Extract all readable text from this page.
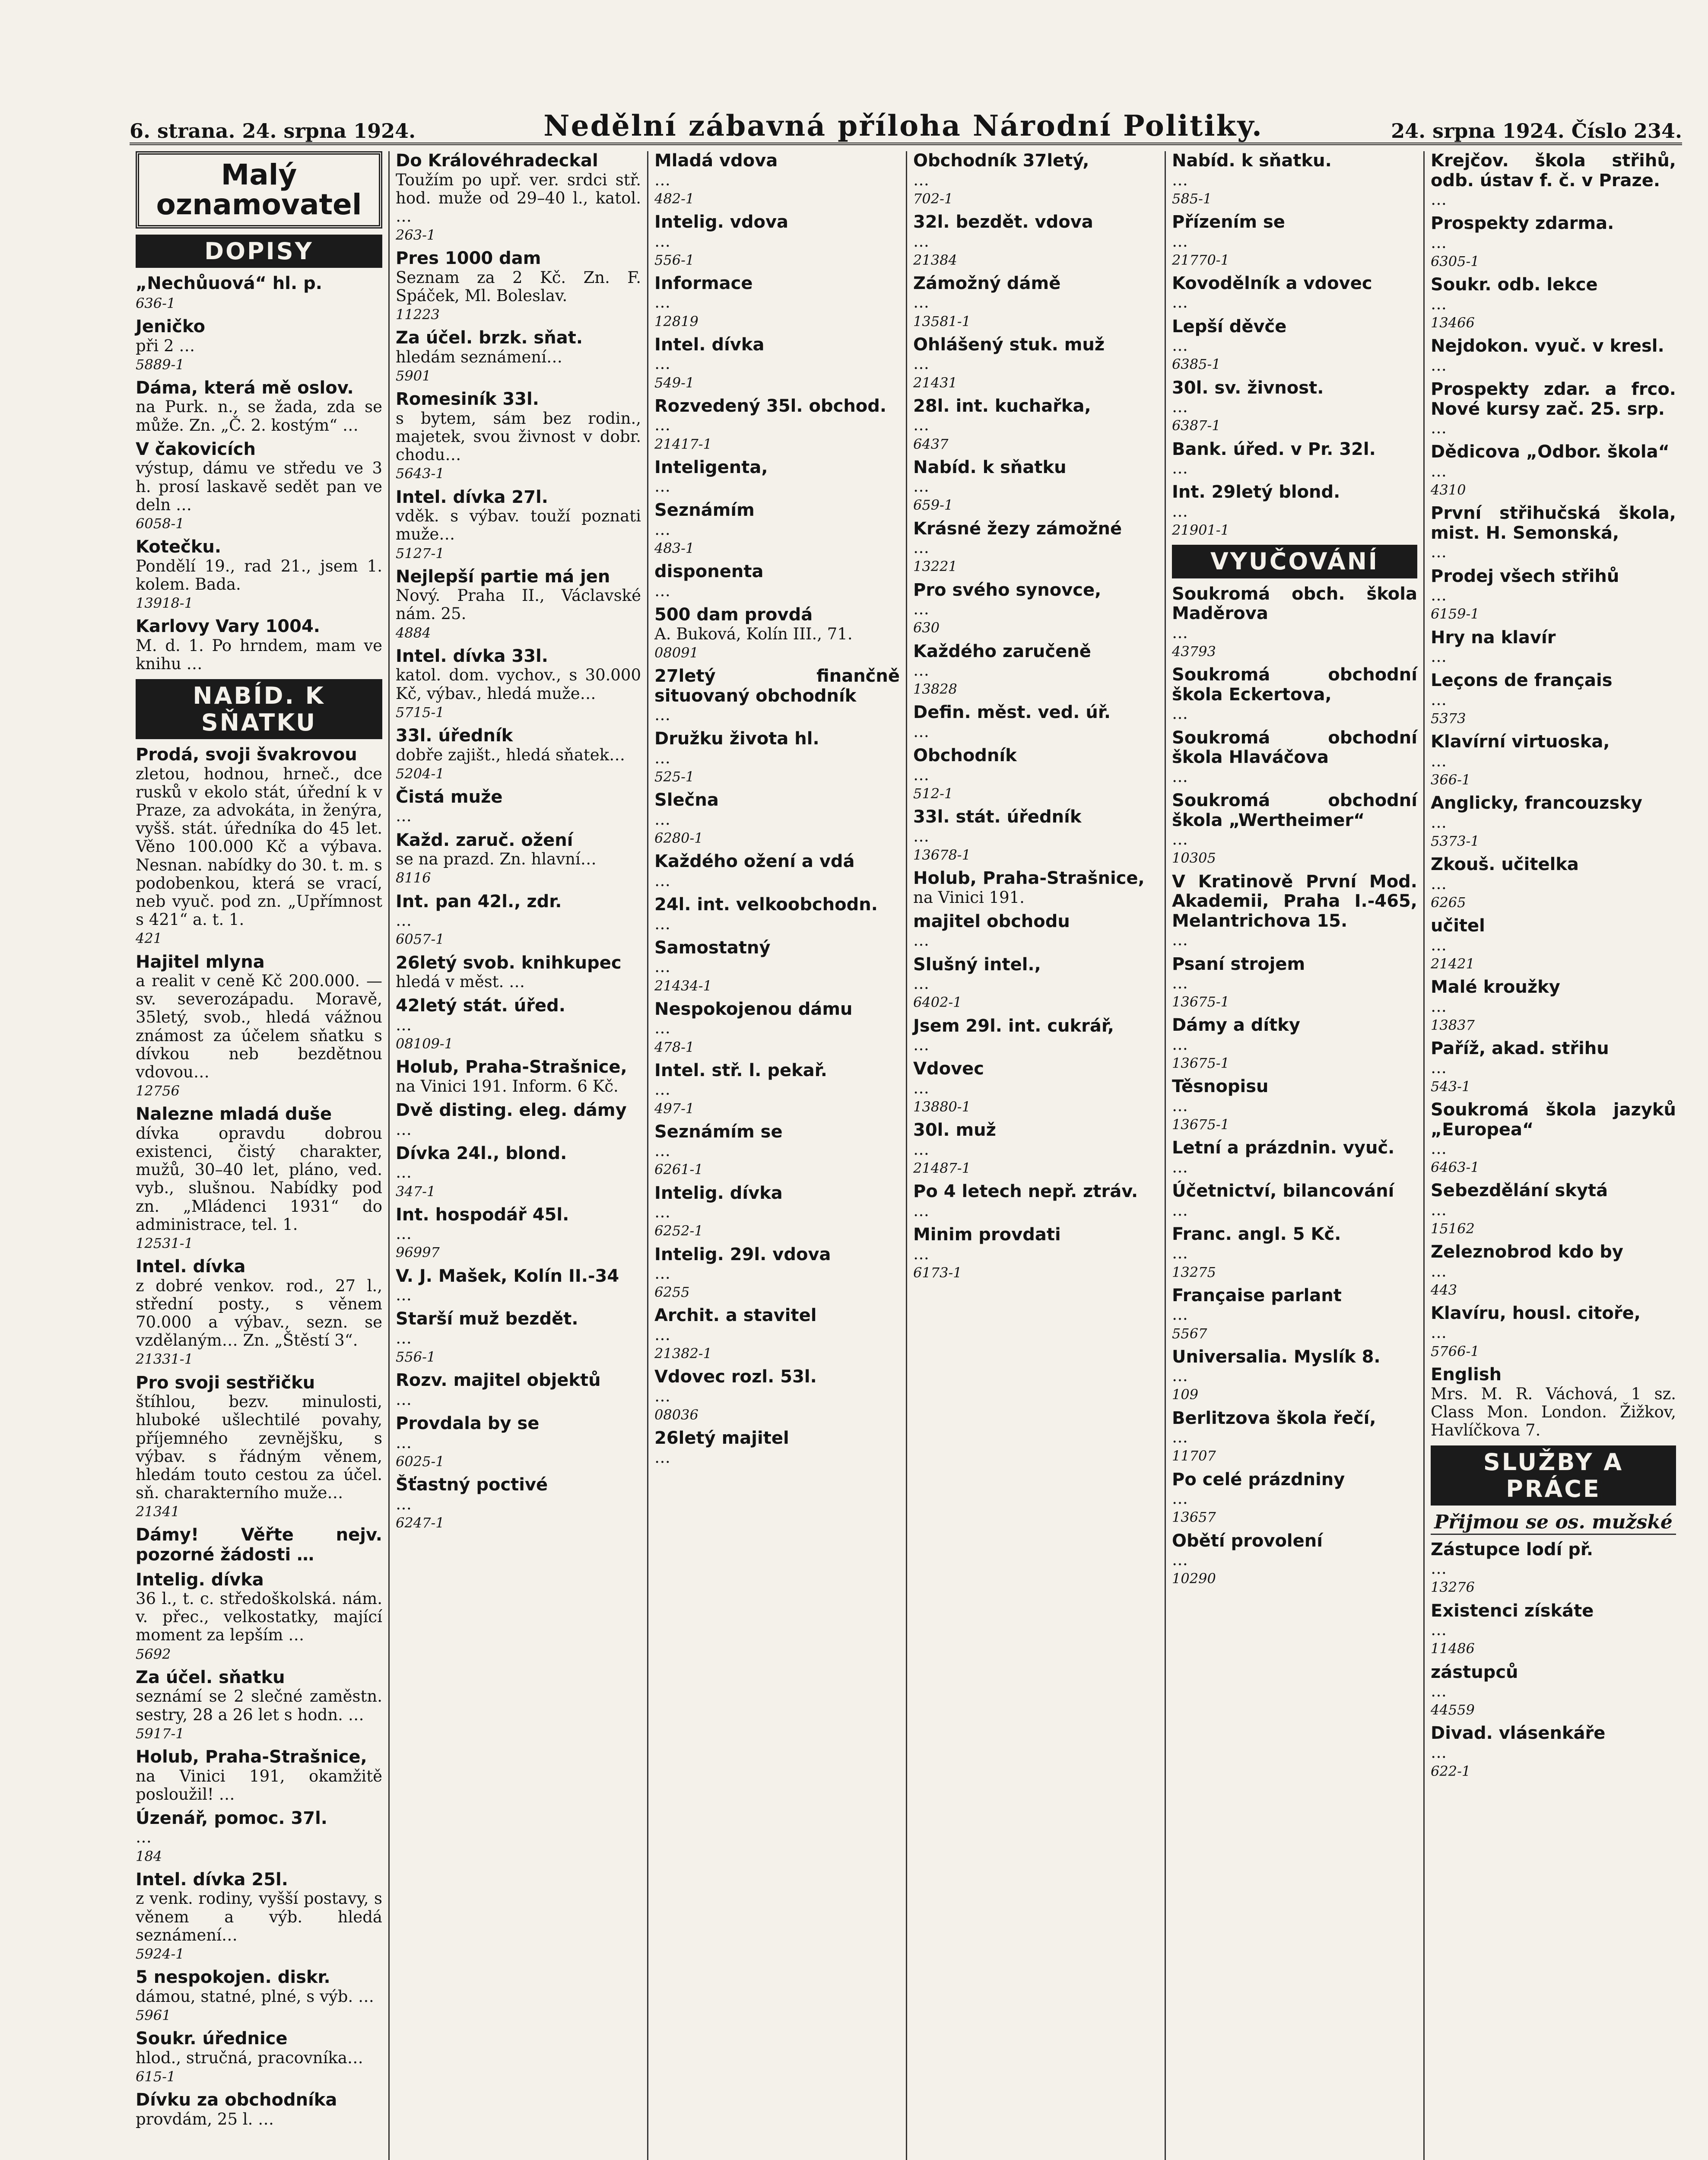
6. strana. 24. srpna 1924.	Nedělní zábavná příloha Národní Politiky.	24. srpna 1924. Číslo 234.
Malý oznamovatel
DOPISY
„Nechůuová“ hl. p.
636-1
Jeničko
při 2 …
5889-1
Dáma, která mě oslov.
na Purk. n., se žada, zda se může. Zn. „Č. 2. kostým“ …
V čakovicích
výstup, dámu ve středu ve 3 h. prosí laskavě sedět pan ve deln …
6058-1
Kotečku.
Pondělí 19., rad 21., jsem 1. kolem. Bada.
13918-1
Karlovy Vary 1004.
M. d. 1. Po hrndem, mam ve knihu …
NABÍD. K SŇATKU
Prodá, svoji švakrovou
zletou, hodnou, hrneč., dce rusků v ekolo stát, úřední k v Praze, za advokáta, in ženýra, vyšš. stát. úředníka do 45 let. Věno 100.000 Kč a výbava. Nesnan. nabídky do 30. t. m. s podobenkou, která se vrací, neb vyuč. pod zn. „Upřímnost s 421“ a. t. 1.
421
Hajitel mlyna
a realit v ceně Kč 200.000. — sv. severozápadu. Moravě, 35letý, svob., hledá vážnou známost za účelem sňatku s dívkou neb bezdětnou vdovou…
12756
Nalezne mladá duše
dívka opravdu dobrou existenci, čistý charakter, mužů, 30–40 let, pláno, ved. vyb., slušnou. Nabídky pod zn. „Mládenci 1931“ do administrace, tel. 1.
12531-1
Intel. dívka
z dobré venkov. rod., 27 l., střední posty., s věnem 70.000 a výbav., sezn. se vzdělaným… Zn. „Štěstí 3“.
21331-1
Pro svoji sestřičku
štíhlou, bezv. minulosti, hluboké ušlechtilé povahy, příjemného zevnějšku, s výbav. s řádným věnem, hledám touto cestou za účel. sň. charakterního muže…
21341
Dámy! Věřte nejv. pozorné žádosti …
Intelig. dívka
36 l., t. c. středoškolská. nám. v. přec., velkostatky, mající moment za lepším …
5692
Za účel. sňatku
seznámí se 2 slečné zaměstn. sestry, 28 a 26 let s hodn. …
5917-1
Holub, Praha-Strašnice,
na Vinici 191, okamžitě posloužil! …
Úzenář, pomoc. 37l.
…
184
Intel. dívka 25l.
z venk. rodiny, vyšší postavy, s věnem a výb. hledá seznámení…
5924-1
5 nespokojen. diskr.
dámou, statné, plné, s výb. …
5961
Soukr. úřednice
hlod., stručná, pracovníka…
615-1
Dívku za obchodníka
provdám, 25 l. …
Do Královéhradeckal
Toužím po upř. ver. srdci stř. hod. muže od 29–40 l., katol. …
263-1
Pres 1000 dam
Seznam za 2 Kč. Zn. F. Spáček, Ml. Boleslav.
11223
Za účel. brzk. sňat.
hledám seznámení…
5901
Romesiník 33l.
s bytem, sám bez rodin., majetek, svou živnost v dobr. chodu…
5643-1
Intel. dívka 27l.
vděk. s výbav. touží poznati muže…
5127-1
Nejlepší partie má jen
Nový. Praha II., Václavské nám. 25.
4884
Intel. dívka 33l.
katol. dom. vychov., s 30.000 Kč, výbav., hledá muže…
5715-1
33l. úředník
dobře zajišt., hledá sňatek…
5204-1
Čistá muže
…
Každ. zaruč. ožení
se na prazd. Zn. hlavní…
8116
Int. pan 42l., zdr.
…
6057-1
26letý svob. knihkupec
hledá v měst. …
42letý stát. úřed.
…
08109-1
Holub, Praha-Strašnice,
na Vinici 191. Inform. 6 Kč.
Dvě disting. eleg. dámy
…
Dívka 24l., blond.
…
347-1
Int. hospodář 45l.
…
96997
V. J. Mašek, Kolín II.-34
…
Starší muž bezdět.
…
556-1
Rozv. majitel objektů
…
Provdala by se
…
6025-1
Šťastný poctivé
…
6247-1
Mladá vdova
…
482-1
Intelig. vdova
…
556-1
Informace
…
12819
Intel. dívka
…
549-1
Rozvedený 35l. obchod.
…
21417-1
Inteligenta,
…
Seznámím
…
483-1
disponenta
…
500 dam provdá
A. Buková, Kolín III., 71.
08091
27letý finančně situovaný obchodník
…
Družku života hl.
…
525-1
Slečna
…
6280-1
Každého ožení a vdá
…
24l. int. velkoobchodn.
…
Samostatný
…
21434-1
Nespokojenou dámu
…
478-1
Intel. stř. l. pekař.
…
497-1
Seznámím se
…
6261-1
Intelig. dívka
…
6252-1
Intelig. 29l. vdova
…
6255
Archit. a stavitel
…
21382-1
Vdovec rozl. 53l.
…
08036
26letý majitel
…
Obchodník 37letý,
…
702-1
32l. bezdět. vdova
…
21384
Zámožný dámě
…
13581-1
Ohlášený stuk. muž
…
21431
28l. int. kuchařka,
…
6437
Nabíd. k sňatku
…
659-1
Krásné žezy zámožné
…
13221
Pro svého synovce,
…
630
Každého zaručeně
…
13828
Defin. měst. ved. úř.
…
Obchodník
…
512-1
33l. stát. úředník
…
13678-1
Holub, Praha-Strašnice,
na Vinici 191.
majitel obchodu
…
Slušný intel.,
…
6402-1
Jsem 29l. int. cukrář,
…
Vdovec
…
13880-1
30l. muž
…
21487-1
Po 4 letech nepř. ztráv.
…
Minim provdati
…
6173-1
Nabíd. k sňatku.
…
585-1
Přízením se
…
21770-1
Kovodělník a vdovec
…
Lepší děvče
…
6385-1
30l. sv. živnost.
…
6387-1
Bank. úřed. v Pr. 32l.
…
Int. 29letý blond.
…
21901-1
VYUČOVÁNÍ
Soukromá obch. škola Maděrova
…
43793
Soukromá obchodní škola Eckertova,
…
Soukromá obchodní škola Hlaváčova
…
Soukromá obchodní škola „Wertheimer“
…
10305
V Kratinově První Mod. Akademii, Praha I.-465, Melantrichova 15.
…
Psaní strojem
…
13675-1
Dámy a dítky
…
13675-1
Těsnopisu
…
13675-1
Letní a prázdnin. vyuč.
…
Účetnictví, bilancování
…
Franc. angl. 5 Kč.
…
13275
Française parlant
…
5567
Universalia. Myslík 8.
…
109
Berlitzova škola řečí,
…
11707
Po celé prázdniny
…
13657
Obětí provolení
…
10290
Krejčov. škola střihů, odb. ústav f. č. v Praze.
…
Prospekty zdarma.
…
6305-1
Soukr. odb. lekce
…
13466
Nejdokon. vyuč. v kresl.
…
Prospekty zdar. a frco. Nové kursy zač. 25. srp.
…
Dědicova „Odbor. škola“
…
4310
První střihučská škola, mist. H. Semonská,
…
Prodej všech střihů
…
6159-1
Hry na klavír
…
Leçons de français
…
5373
Klavírní virtuoska,
…
366-1
Anglicky, francouzsky
…
5373-1
Zkouš. učitelka
…
6265
učitel
…
21421
Malé kroužky
…
13837
Paříž, akad. střihu
…
543-1
Soukromá škola jazyků „Europea“
…
6463-1
Sebezdělání skytá
…
15162
Zeleznobrod kdo by
…
443
Klavíru, housl. citoře,
…
5766-1
English
Mrs. M. R. Váchová, 1 sz. Class Mon. London. Žižkov, Havlíčkova 7.
SLUŽBY A PRÁCE
Přijmou se os. mužské
Zástupce lodí př.
…
13276
Existenci získáte
…
11486
zástupců
…
44559
Divad. vlásenkáře
…
622-1
